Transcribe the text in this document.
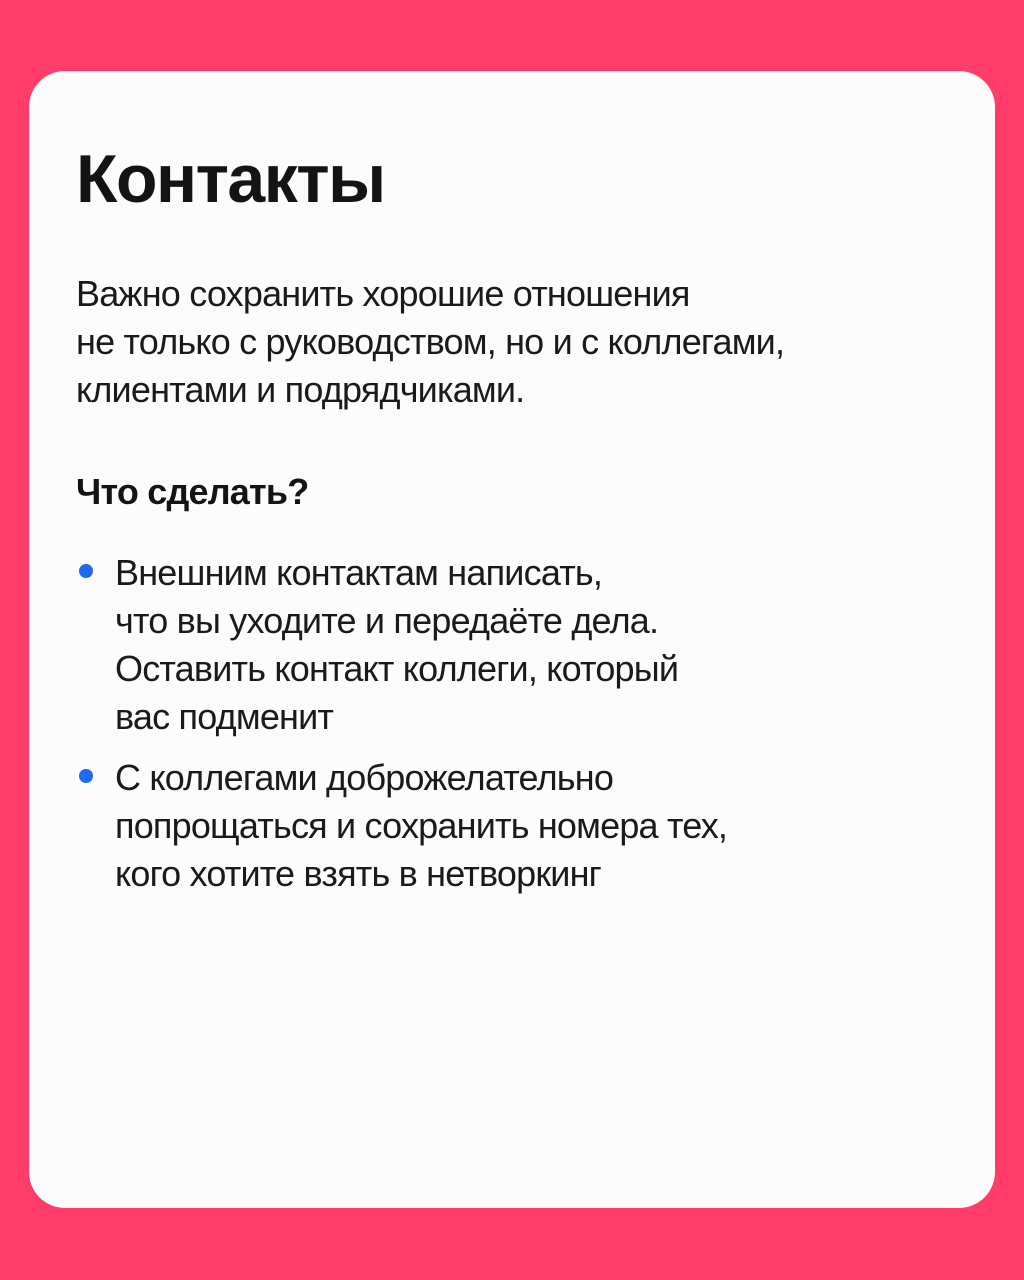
Контакты

Важно сохранить хорошие отношения
не только с руководством, но и с коллегами,
клиентами и подрядчиками.

Что сделать?
Внешним контактам написать,
что вы уходите и передаёте дела.
Оставить контакт коллеги, который
вас подменит
С коллегами доброжелательно
попрощаться и сохранить номера тех,
кого хотите взять в нетворкинг
